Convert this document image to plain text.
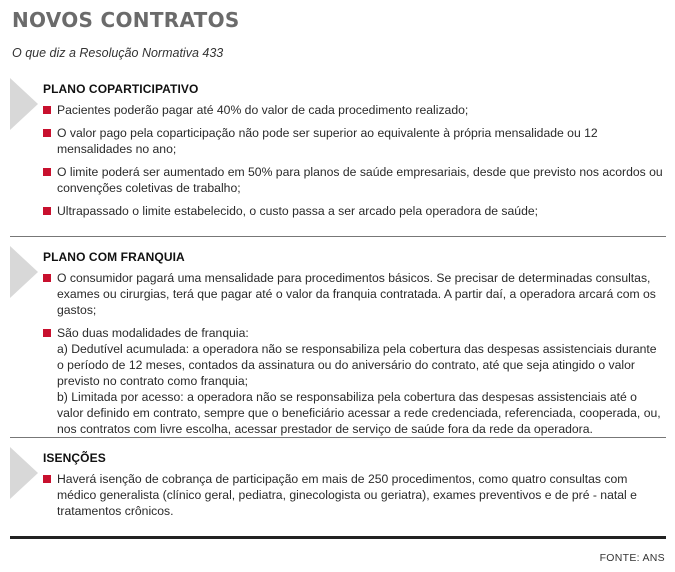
NOVOS CONTRATOS
O que diz a Resolução Normativa 433
PLANO COPARTICIPATIVO
Pacientes poderão pagar até 40% do valor de cada procedimento realizado;
O valor pago pela coparticipação não pode ser superior ao equivalente à própria mensalidade ou 12 mensalidades no ano;
O limite poderá ser aumentado em 50% para planos de saúde empresariais, desde que previsto nos acordos ou convenções coletivas de trabalho;
Ultrapassado o limite estabelecido, o custo passa a ser arcado pela operadora de saúde;
PLANO COM FRANQUIA
O consumidor pagará uma mensalidade para procedimentos básicos. Se precisar de determinadas consultas, exames ou cirurgias, terá que pagar até o valor da franquia contratada. A partir daí, a operadora arcará com os gastos;
São duas modalidades de franquia:
a) Dedutível acumulada: a operadora não se responsabiliza pela cobertura das despesas assistenciais durante o período de 12 meses, contados da assinatura ou do aniversário do contrato, até que seja atingido o valor previsto no contrato como franquia;
b) Limitada por acesso: a operadora não se responsabiliza pela cobertura das despesas assistenciais até o valor definido em contrato, sempre que o beneficiário acessar a rede credenciada, referenciada, cooperada, ou, nos contratos com livre escolha, acessar prestador de serviço de saúde fora da rede da operadora.
ISENÇÕES
Haverá isenção de cobrança de participação em mais de 250 procedimentos, como quatro consultas com médico generalista (clínico geral, pediatra, ginecologista ou geriatra), exames preventivos e de pré - natal e tratamentos crônicos.
FONTE: ANS
